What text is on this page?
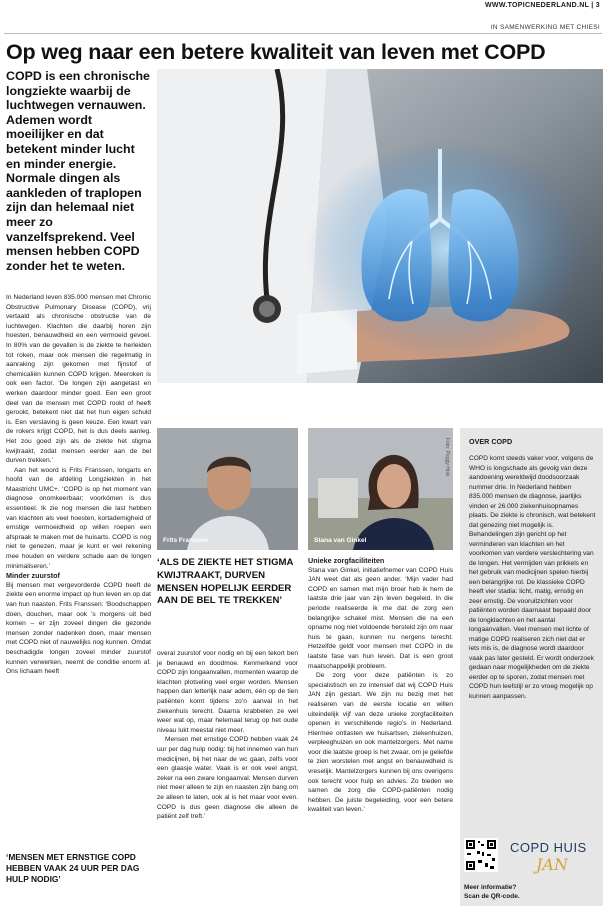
WWW.TOPICNEDERLAND.NL | 3
IN SAMENWERKING MET CHIESI
Op weg naar een betere kwaliteit van leven met COPD
COPD is een chronische longziekte waarbij de luchtwegen vernauwen. Ademen wordt moeilijker en dat betekent minder lucht en minder energie. Normale dingen als aankleden of traplopen zijn dan helemaal niet meer zo vanzelfsprekend. Veel mensen hebben COPD zonder het te weten.

In Nederland leven 835.000 mensen met Chronic Obstructive Pulmonary Disease (COPD), vrij vertaald als chronische obstructie van de luchtwegen. Klachten die daarbij horen zijn hoesten, benauwdheid en een vermoeid gevoel. In 80% van de gevallen is de ziekte te herleiden tot roken, maar ook mensen die regelmatig in aanraking zijn gekomen met fijnstof of chemicaliën kunnen COPD krijgen. Meeroken is ook een factor. ‘De longen zijn aangetast en werken daardoor minder goed. Een een groot deel van de mensen met COPD rookt of heeft gerookt, betekent niet dat het hun eigen schuld is. Een verslaving is geen keuze. Een kwart van de rokers krijgt COPD, het is dus deels aanleg. Het zou goed zijn als de ziekte het stigma kwijtraakt, zodat mensen eerder aan de bel durven trekken.’

Aan het woord is Frits Franssen, longarts en hoofd van de afdeling Longziekten in het Maastricht UMC+. ‘COPD is op het moment van diagnose onomkeerbaar; voorkómen is dus essentieel. Ik zie nog mensen die last hebben van klachten als veel hoesten, kortademigheid of ernstige vermoeidheid op willen roepen een afspraak te maken met de huisarts. COPD is nog niet te genezen, maar je kunt er wel rekening mee houden en verdere schade aan de longen minimaliseren.’

Minder zuurstof

Bij mensen met vergevorderde COPD heeft de ziekte een enorme impact op hun leven en op dat van hun naasten. Frits Franssen: ‘Boodschappen doen, douchen, maar ook ’s morgens uit bed komen – er zijn zoveel dingen die gezonde mensen zonder nadenken doen, maar mensen met COPD niet of nauwelijks nog kunnen. Omdat beschadigde longen zoveel minder zuurstof kunnen verwerken, neemt de conditie enorm af. Ons lichaam heeft

Frits Franssen	Stana van Ginkel
Foto: Peggy Hols
‘ALS DE ZIEKTE HET STIGMA KWIJTRAAKT, DURVEN MENSEN HOPELIJK EERDER AAN DE BEL TE TREKKEN’

overal zuurstof voor nodig en bij een tekort ben je benauwd en doodmoe. Kenmerkend voor COPD zijn longaanvallen, momenten waarop de klachten plotseling veel erger worden. Mensen happen dan letterlijk naar adem, één op de tien patiënten komt tijdens zo’n aanval in het ziekenhuis terecht. Daarna krabbelen ze wel weer wat op, maar helemaal terug op het oude niveau lukt meestal niet meer.

Mensen met ernstige COPD hebben vaak 24 uur per dag hulp nodig: bij het innemen van hun medicijnen, bij het naar de wc gaan, zelfs voor een glaasje water. Vaak is er ook veel angst, zeker na een zware longaanval. Mensen durven niet meer alleen te zijn en naasten zijn bang om ze alleen te laten, ook al is het maar voor even. COPD is dus geen diagnose die alleen de patiënt zelf treft.’

Unieke zorgfaciliteiten

Stana van Ginkel, initiatiefnemer van COPD Huis JAN weet dat als geen ander. ‘Mijn vader had COPD en samen met mijn broer heb ik hem de laatste drie jaar van zijn leven begeleid. In die periode realiseerde ik me dat de zorg een belangrijke schakel mist. Mensen die na een opname nog niet voldoende hersteld zijn om naar huis te gaan, kunnen nu nergens terecht. Hetzelfde geldt voor mensen met COPD in de laatste fase van hun leven. Dat is een groot maatschappelijk probleem.

De zorg voor deze patiënten is zo specialistisch en zo intensief dat wij COPD Huis JAN zijn gestart. We zijn nu bezig met het realiseren van de eerste locatie en willen uiteindelijk vijf van deze unieke zorgfaciliteiten openen in verschillende regio’s in Nederland. Hiermee ontlasten we huisartsen, ziekenhuizen, verpleeghuizen en ook mantelzorgers. Met name voor die laatste groep is het zwaar, om je geliefde te zien worstelen met angst en benauwdheid is vreselijk. Mantelzorgers kunnen bij ons overigens ook terecht voor hulp en advies. Zo bieden we samen de zorg die COPD-patiënten nodig hebben. De juiste begeleiding, voor een betere kwaliteit van leven.’

‘MENSEN MET ERNSTIGE COPD HEBBEN VAAK 24 UUR PER DAG HULP NODIG’
OVER COPD
COPD komt steeds vaker voor, volgens de WHO is longschade als gevolg van deze aandoening wereldwijd doodsoorzaak nummer drie. In Nederland hebben 835.000 mensen de diagnose, jaarlijks vinden er 26.000 ziekenhuisopnames plaats. De ziekte is chronisch, wat betekent dat genezing niet mogelijk is. Behandelingen zijn gericht op het verminderen van klachten en het voorkomen van verdere verslechtering van de longen. Het vermijden van prikkels en het gebruik van medicijnen spelen hierbij een belangrijke rol. De klassieke COPD heeft vier stadia: licht, matig, ernstig en zeer ernstig. De vooruitzichten voor patiënten worden daarnaast bepaald door de longklachten en het aantal longaanvallen. Veel mensen met lichte of matige COPD realiseren zich niet dat er iets mis is, de diagnose wordt daardoor vaak pas later gesteld. Er wordt onderzoek gedaan naar mogelijkheden om de ziekte eerder op te sporen, zodat mensen met COPD hun leefstijl er zo vroeg mogelijk op kunnen aanpassen.
COPD HUIS
JAN
Meer informatie?
Scan de QR-code.
